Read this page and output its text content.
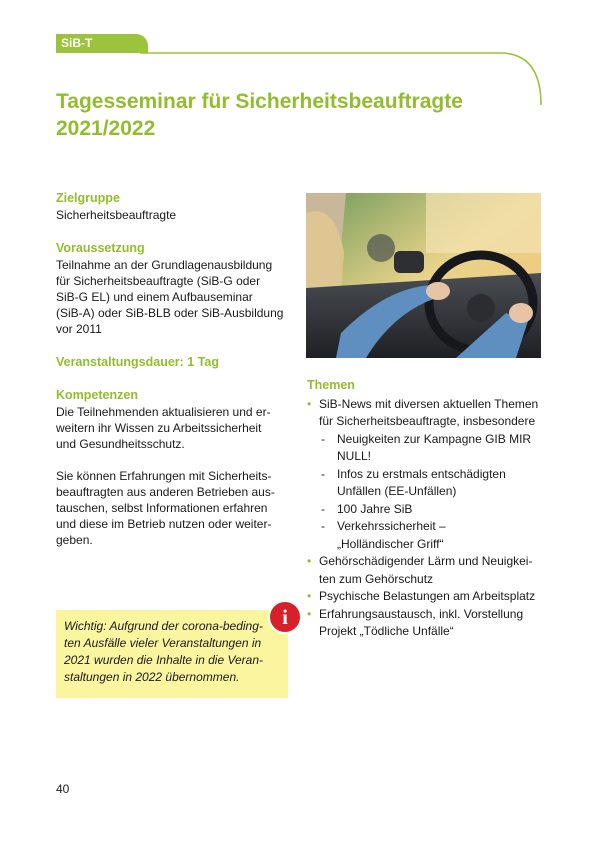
SiB-T
Tagesseminar für Sicherheitsbeauftragte
2021/2022

Zielgruppe

Sicherheitsbeauftragte

Voraussetzung

Teilnahme an der Grundlagenausbildung
für Sicherheitsbeauftragte (SiB-G oder
SiB-G EL) und einem Aufbauseminar
(SiB-A) oder SiB-BLB oder SiB-Ausbildung
vor 2011

Veranstaltungsdauer: 1 Tag

Kompetenzen

Die Teilnehmenden aktualisieren und er-
weitern ihr Wissen zu Arbeitssicherheit
und Gesundheitsschutz.

Sie können Erfahrungen mit Sicherheits-
beauftragten aus anderen Betrieben aus-
tauschen, selbst Informationen erfahren
und diese im Betrieb nutzen oder weiter-
geben.

Themen

• SiB-News mit diversen aktuellen Themen
für Sicherheitsbeauftragte, insbesondere
- Neuigkeiten zur Kampagne GIB MIR
NULL!
- Infos zu erstmals entschädigten
Unfällen (EE-Unfällen)
- 100 Jahre SiB
- Verkehrssicherheit –
„Holländischer Griff“
• Gehörschädigender Lärm und Neuigkei-
ten zum Gehörschutz
• Psychische Belastungen am Arbeitsplatz
• Erfahrungsaustausch, inkl. Vorstellung
Projekt „Tödliche Unfälle“

Wichtig: Aufgrund der corona-beding-
ten Ausfälle vieler Veranstaltungen in
2021 wurden die Inhalte in die Veran-
staltungen in 2022 übernommen.

i
40
